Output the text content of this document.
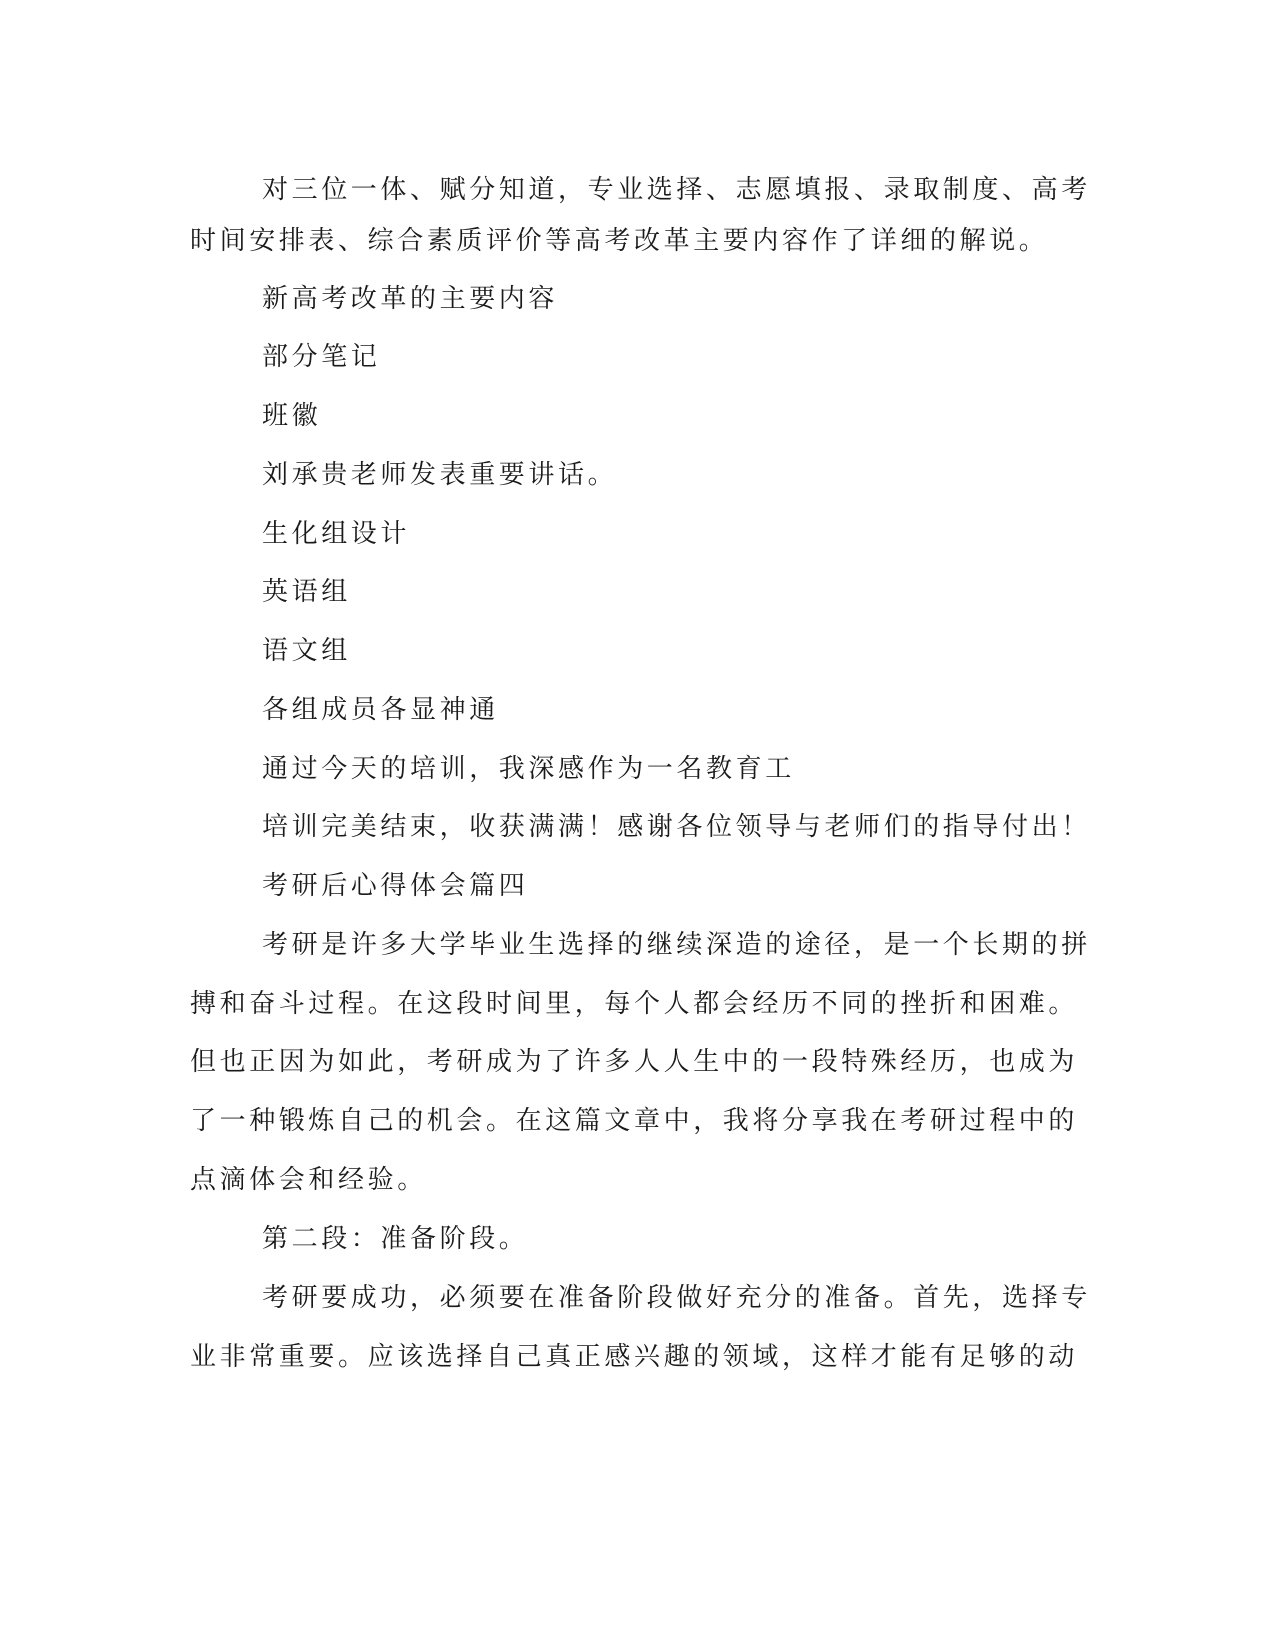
对三位一体、赋分知道，专业选择、志愿填报、录取制度、高考

时间安排表、综合素质评价等高考改革主要内容作了详细的解说。

新高考改革的主要内容

部分笔记

班徽

刘承贵老师发表重要讲话。

生化组设计

英语组

语文组

各组成员各显神通

通过今天的培训，我深感作为一名教育工

培训完美结束，收获满满！感谢各位领导与老师们的指导付出！

考研后心得体会篇四

考研是许多大学毕业生选择的继续深造的途径，是一个长期的拼

搏和奋斗过程。在这段时间里，每个人都会经历不同的挫折和困难。

但也正因为如此，考研成为了许多人人生中的一段特殊经历，也成为

了一种锻炼自己的机会。在这篇文章中，我将分享我在考研过程中的

点滴体会和经验。

第二段：准备阶段。

考研要成功，必须要在准备阶段做好充分的准备。首先，选择专

业非常重要。应该选择自己真正感兴趣的领域，这样才能有足够的动
